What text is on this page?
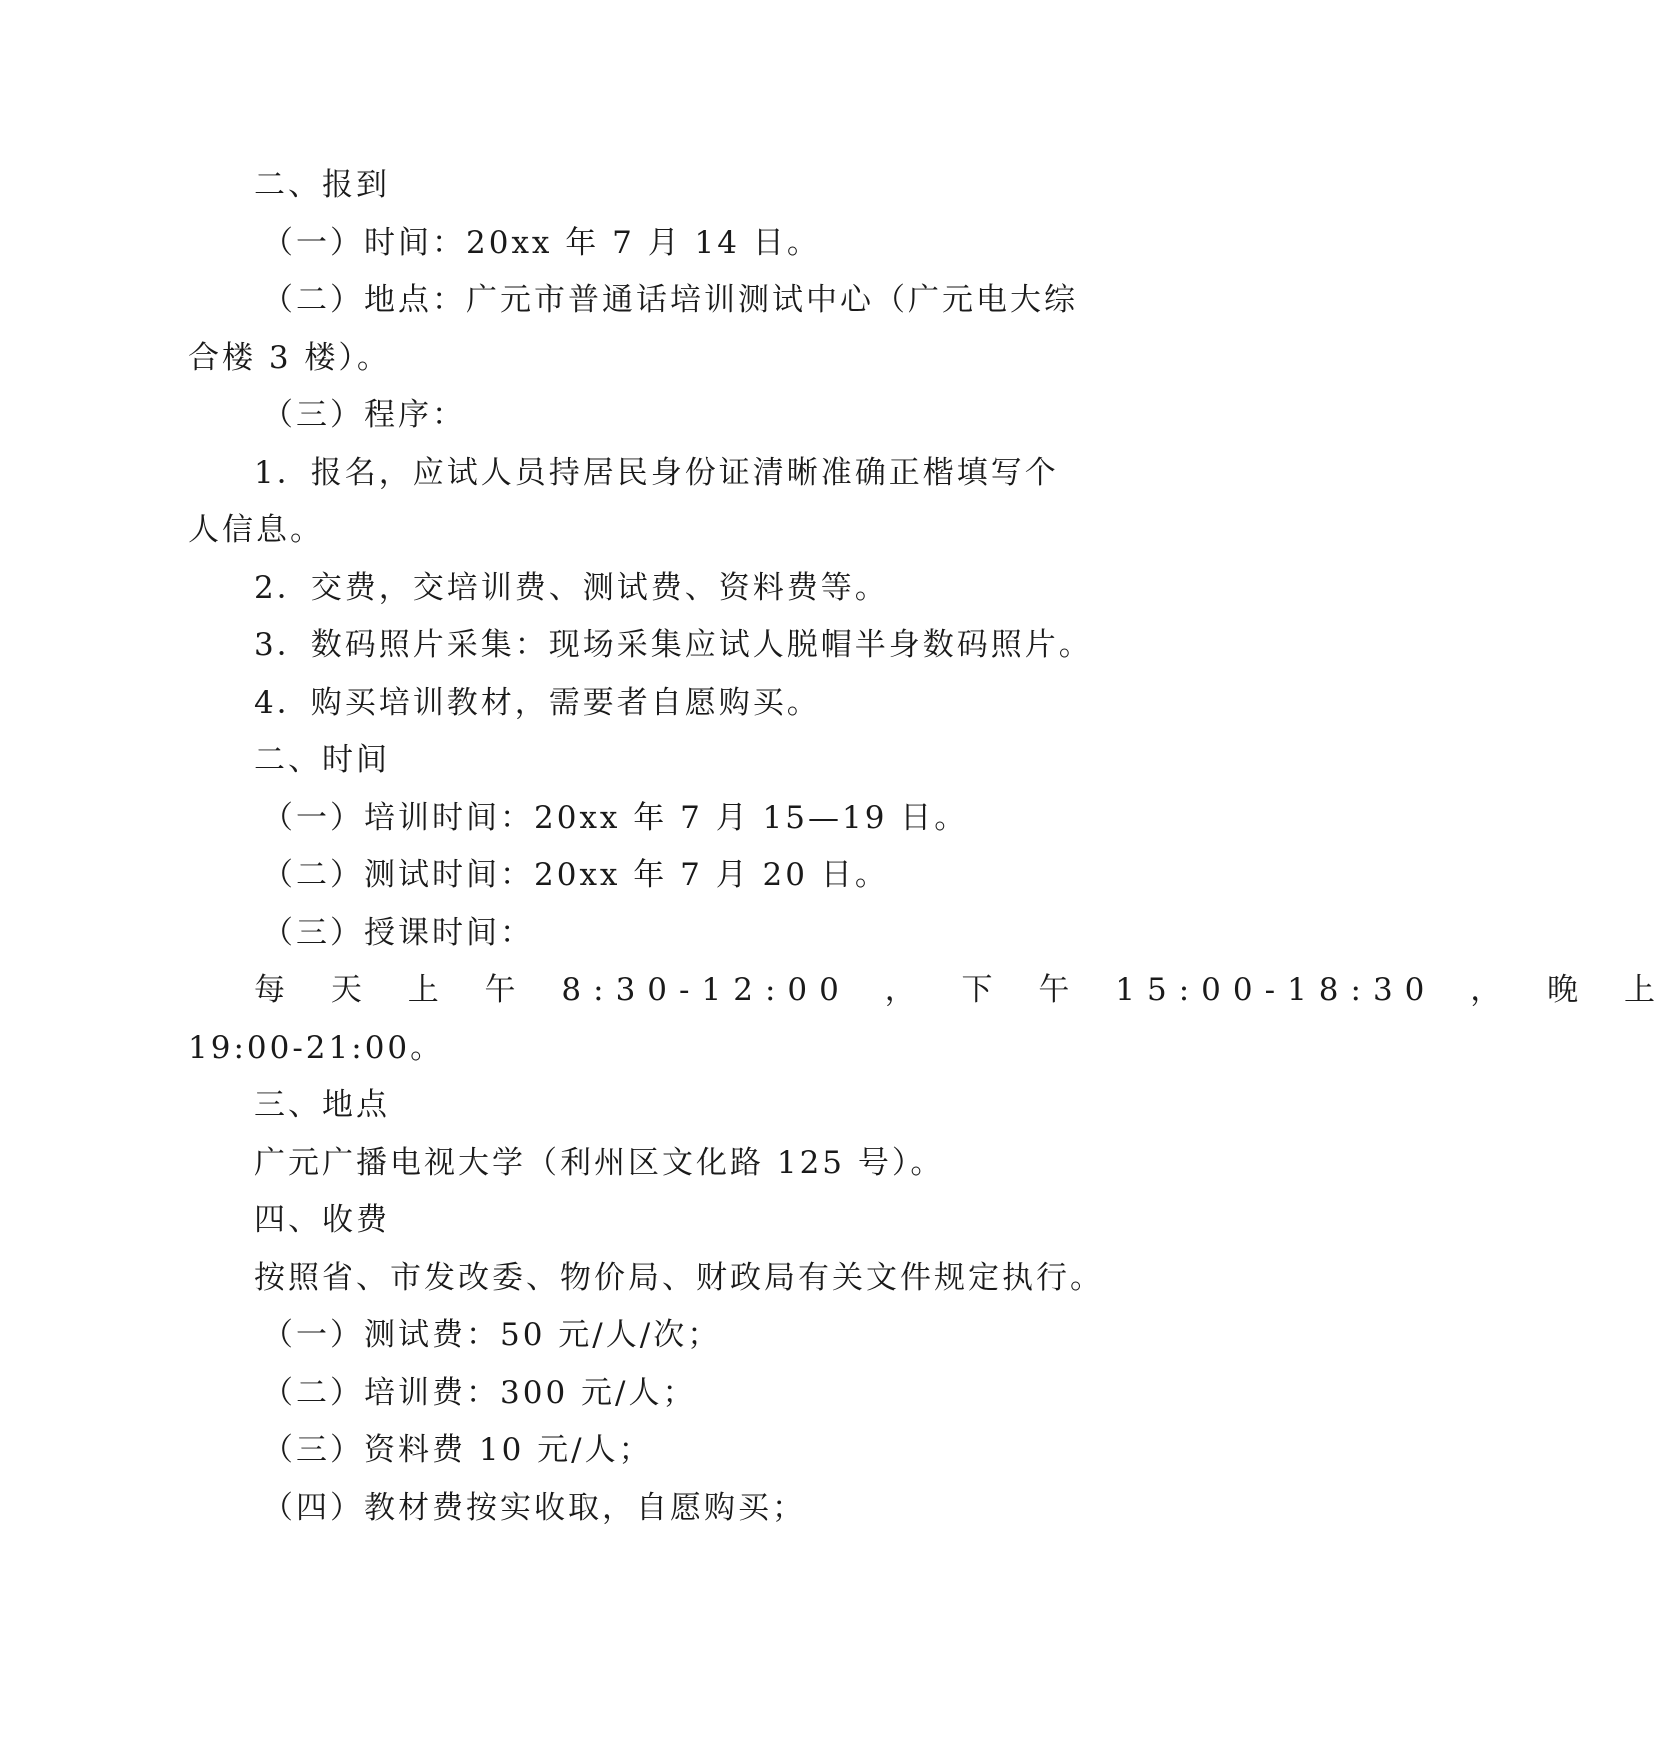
二、报到
（一）时间：20xx 年 7 月 14 日。
（二）地点：广元市普通话培训测试中心（广元电大综
合楼 3 楼）。
（三）程序：
1．报名，应试人员持居民身份证清晰准确正楷填写个
人信息。
2．交费，交培训费、测试费、资料费等。
3．数码照片采集：现场采集应试人脱帽半身数码照片。
4．购买培训教材，需要者自愿购买。
二、时间
（一）培训时间：20xx 年 7 月 15—19 日。
（二）测试时间：20xx 年 7 月 20 日。
（三）授课时间：
每 天 上 午 8:30-12:00 ， 下 午 15:00-18:30 ， 晚 上
19:00-21:00。
三、地点
广元广播电视大学（利州区文化路 125 号）。
四、收费
按照省、市发改委、物价局、财政局有关文件规定执行。
（一）测试费：50 元/人/次；
（二）培训费：300 元/人；
（三）资料费 10 元/人；
（四）教材费按实收取，自愿购买；
